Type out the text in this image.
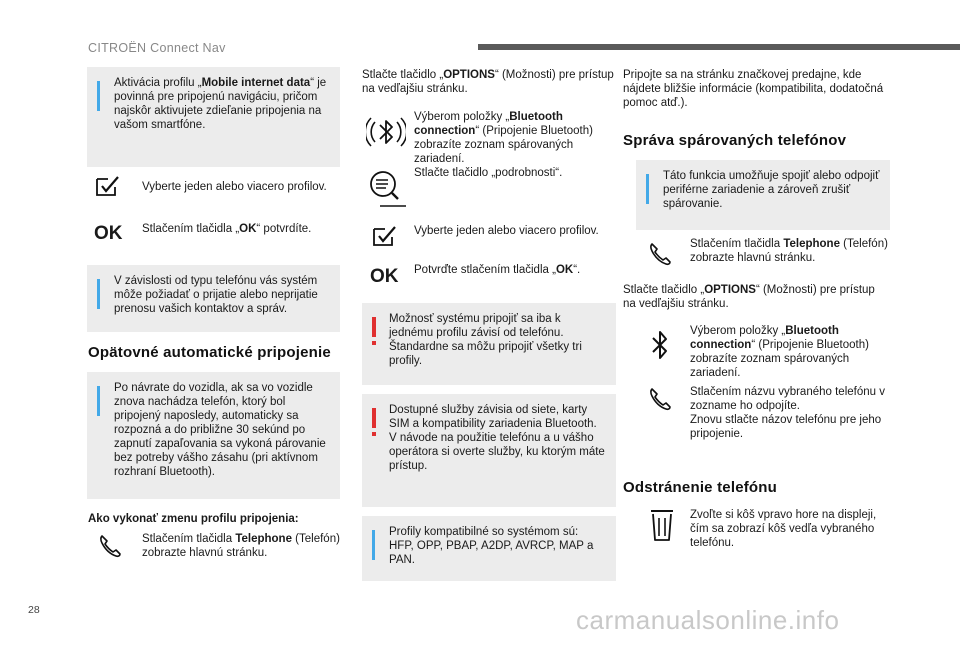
CITROËN Connect Nav
Aktivácia profilu „Mobile internet data“ je povinná pre pripojenú navigáciu, pričom najskôr aktivujete zdieľanie pripojenia na vašom smartfóne.
Vyberte jeden alebo viacero profilov.
OK Stlačením tlačidla „OK“ potvrdíte.
V závislosti od typu telefónu vás systém môže požiadať o prijatie alebo neprijatie prenosu vašich kontaktov a správ.
Opätovné automatické pripojenie
Po návrate do vozidla, ak sa vo vozidle znova nachádza telefón, ktorý bol pripojený naposledy, automaticky sa rozpozná a do približne 30 sekúnd po zapnutí zapaľovania sa vykoná párovanie bez potreby vášho zásahu (pri aktívnom rozhraní Bluetooth).
Ako vykonať zmenu profilu pripojenia:
Stlačením tlačidla Telephone (Telefón) zobrazte hlavnú stránku.
Stlačte tlačidlo „OPTIONS“ (Možnosti) pre prístup na vedľajšiu stránku.
Výberom položky „Bluetooth connection“ (Pripojenie Bluetooth) zobrazíte zoznam spárovaných zariadení.
Stlačte tlačidlo „podrobnosti“.
Vyberte jeden alebo viacero profilov.
OK Potvrďte stlačením tlačidla „OK“.
Možnosť systému pripojiť sa iba k jednému profilu závisí od telefónu. Štandardne sa môžu pripojiť všetky tri profily.
Dostupné služby závisia od siete, karty SIM a kompatibility zariadenia Bluetooth. V návode na použitie telefónu a u vášho operátora si overte služby, ku ktorým máte prístup.
Profily kompatibilné so systémom sú: HFP, OPP, PBAP, A2DP, AVRCP, MAP a PAN.
Pripojte sa na stránku značkovej predajne, kde nájdete bližšie informácie (kompatibilita, dodatočná pomoc atď.).
Správa spárovaných telefónov
Táto funkcia umožňuje spojiť alebo odpojiť periférne zariadenie a zároveň zrušiť spárovanie.
Stlačením tlačidla Telephone (Telefón) zobrazte hlavnú stránku.
Stlačte tlačidlo „OPTIONS“ (Možnosti) pre prístup na vedľajšiu stránku.
Výberom položky „Bluetooth connection“ (Pripojenie Bluetooth) zobrazíte zoznam spárovaných zariadení.
Stlačením názvu vybraného telefónu v zozname ho odpojíte.
Znovu stlačte názov telefónu pre jeho pripojenie.
Odstránenie telefónu
Zvoľte si kôš vpravo hore na displeji, čím sa zobrazí kôš vedľa vybraného telefónu.
28	carmanualsonline.info
